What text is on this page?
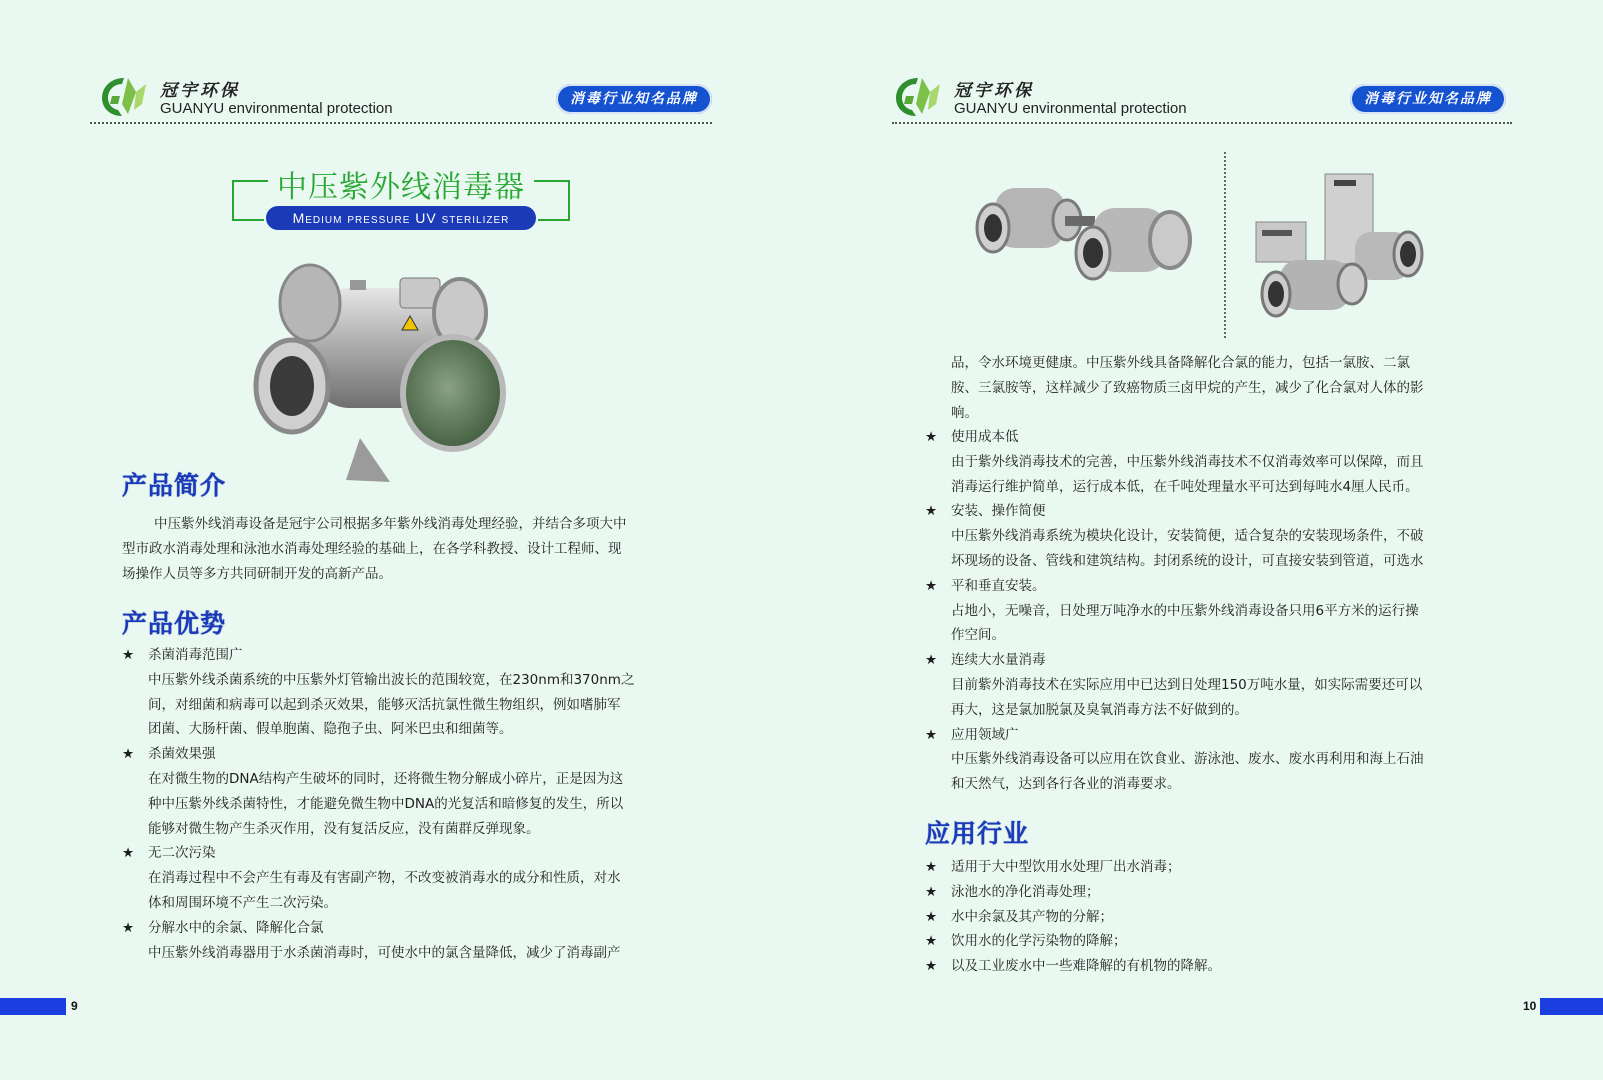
冠宇环保
GUANYU environmental protection
消毒行业知名品牌
中压紫外线消毒器
Medium pressure UV sterilizer
产品简介

中压紫外线消毒设备是冠宇公司根据多年紫外线消毒处理经验，并结合多项大中

型市政水消毒处理和泳池水消毒处理经验的基础上，在各学科教授、设计工程师、现

场操作人员等多方共同研制开发的高新产品。

产品优势
★	杀菌消毒范围广

中压紫外线杀菌系统的中压紫外灯管输出波长的范围较宽，在230nm和370nm之

间，对细菌和病毒可以起到杀灭效果，能够灭活抗氯性微生物组织，例如嗜肺军

团菌、大肠杆菌、假单胞菌、隐孢子虫、阿米巴虫和细菌等。

★	杀菌效果强

在对微生物的DNA结构产生破坏的同时，还将微生物分解成小碎片，正是因为这

种中压紫外线杀菌特性，才能避免微生物中DNA的光复活和暗修复的发生，所以

能够对微生物产生杀灭作用，没有复活反应，没有菌群反弹现象。

★	无二次污染

在消毒过程中不会产生有毒及有害副产物，不改变被消毒水的成分和性质，对水

体和周围环境不产生二次污染。

★	分解水中的余氯、降解化合氯

中压紫外线消毒器用于水杀菌消毒时，可使水中的氯含量降低，减少了消毒副产

9
冠宇环保
GUANYU environmental protection
消毒行业知名品牌

品，令水环境更健康。中压紫外线具备降解化合氯的能力，包括一氯胺、二氯

胺、三氯胺等，这样减少了致癌物质三卤甲烷的产生，减少了化合氯对人体的影

响。

★	使用成本低

由于紫外线消毒技术的完善，中压紫外线消毒技术不仅消毒效率可以保障，而且

消毒运行维护简单，运行成本低，在千吨处理量水平可达到每吨水4厘人民币。

★	安装、操作简便

中压紫外线消毒系统为模块化设计，安装简便，适合复杂的安装现场条件，不破

坏现场的设备、管线和建筑结构。封闭系统的设计，可直接安装到管道，可选水

★	平和垂直安装。

占地小，无噪音，日处理万吨净水的中压紫外线消毒设备只用6平方米的运行操

作空间。

★	连续大水量消毒

目前紫外消毒技术在实际应用中已达到日处理150万吨水量，如实际需要还可以

再大，这是氯加脱氯及臭氧消毒方法不好做到的。

★	应用领域广

中压紫外线消毒设备可以应用在饮食业、游泳池、废水、废水再利用和海上石油

和天然气，达到各行各业的消毒要求。

应用行业
★	适用于大中型饮用水处理厂出水消毒；
★	泳池水的净化消毒处理；
★	水中余氯及其产物的分解；
★	饮用水的化学污染物的降解；
★	以及工业废水中一些难降解的有机物的降解。
10
